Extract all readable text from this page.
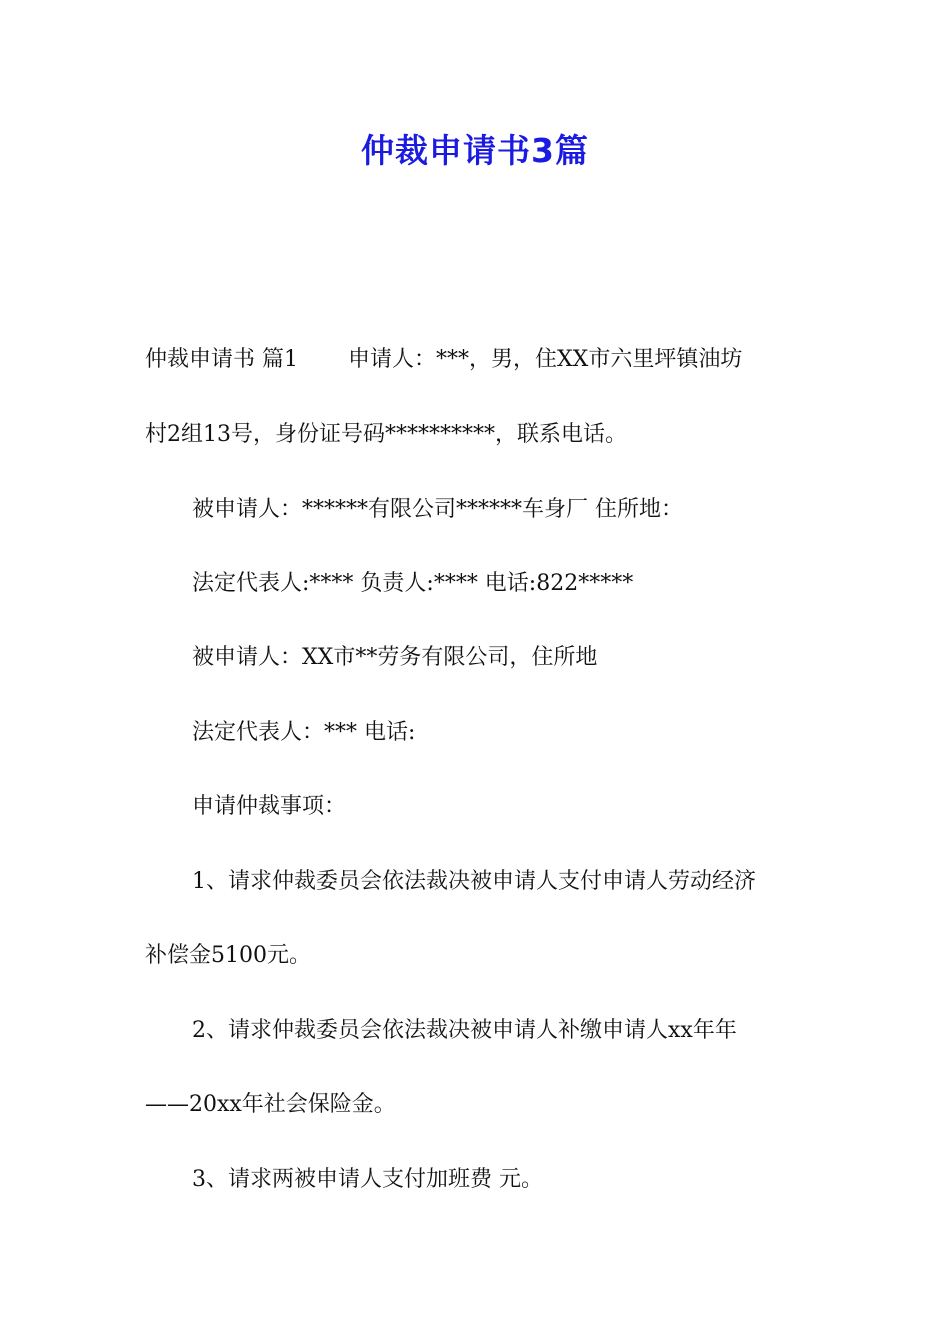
仲裁申请书3篇
仲裁申请书 篇1 申请人：***，男，住XX市六里坪镇油坊
村2组13号，身份证号码**********，联系电话。
被申请人：******有限公司******车身厂 住所地：
法定代表人:**** 负责人:**** 电话:822*****
被申请人：XX市**劳务有限公司，住所地
法定代表人：*** 电话:
申请仲裁事项：
1、请求仲裁委员会依法裁决被申请人支付申请人劳动经济
补偿金5100元。
2、请求仲裁委员会依法裁决被申请人补缴申请人xx年年
——20xx年社会保险金。
3、请求两被申请人支付加班费 元。
